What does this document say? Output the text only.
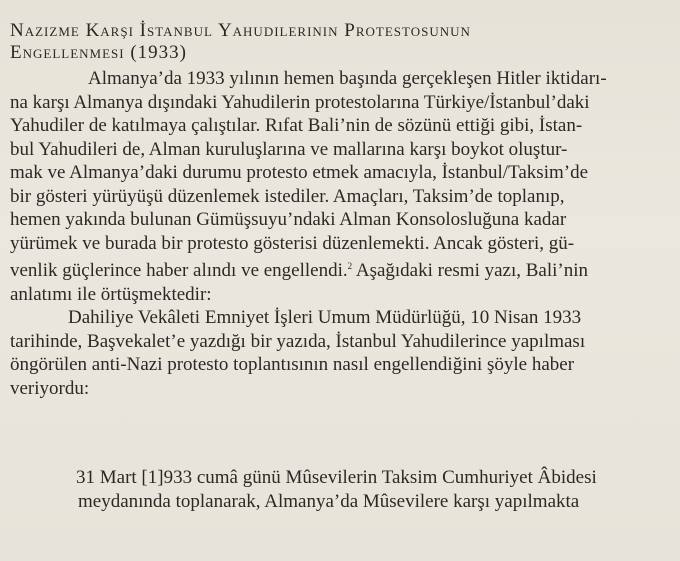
Nazizme Karşı İstanbul Yahudilerinin Protestosunun
Engellenmesi (1933)
Almanya’da 1933 yılının hemen başında gerçekleşen Hitler iktidarı-
na karşı Almanya dışındaki Yahudilerin protestolarına Türkiye/İstanbul’daki
Yahudiler de katılmaya çalıştılar. Rıfat Bali’nin de sözünü ettiği gibi, İstan-
bul Yahudileri de, Alman kuruluşlarına ve mallarına karşı boykot oluştur-
mak ve Almanya’daki durumu protesto etmek amacıyla, İstanbul/Taksim’de
bir gösteri yürüyüşü düzenlemek istediler. Amaçları, Taksim’de toplanıp,
hemen yakında bulunan Gümüşsuyu’ndaki Alman Konsolosluğuna kadar
yürümek ve burada bir protesto gösterisi düzenlemekti. Ancak gösteri, gü-
venlik güçlerince haber alındı ve engellendi.$^2$ Aşağıdaki resmi yazı, Bali’nin
anlatımı ile örtüşmektedir:
Dahiliye Vekâleti Emniyet İşleri Umum Müdürlüğü, 10 Nisan 1933
tarihinde, Başvekalet’e yazdığı bir yazıda, İstanbul Yahudilerince yapılması
öngörülen anti-Nazi protesto toplantısının nasıl engellendiğini şöyle haber
veriyordu:
31 Mart [1]933 cumâ günü Mûsevilerin Taksim Cumhuriyet Âbidesi
meydanında toplanarak, Almanya’da Mûsevilere karşı yapılmakta
